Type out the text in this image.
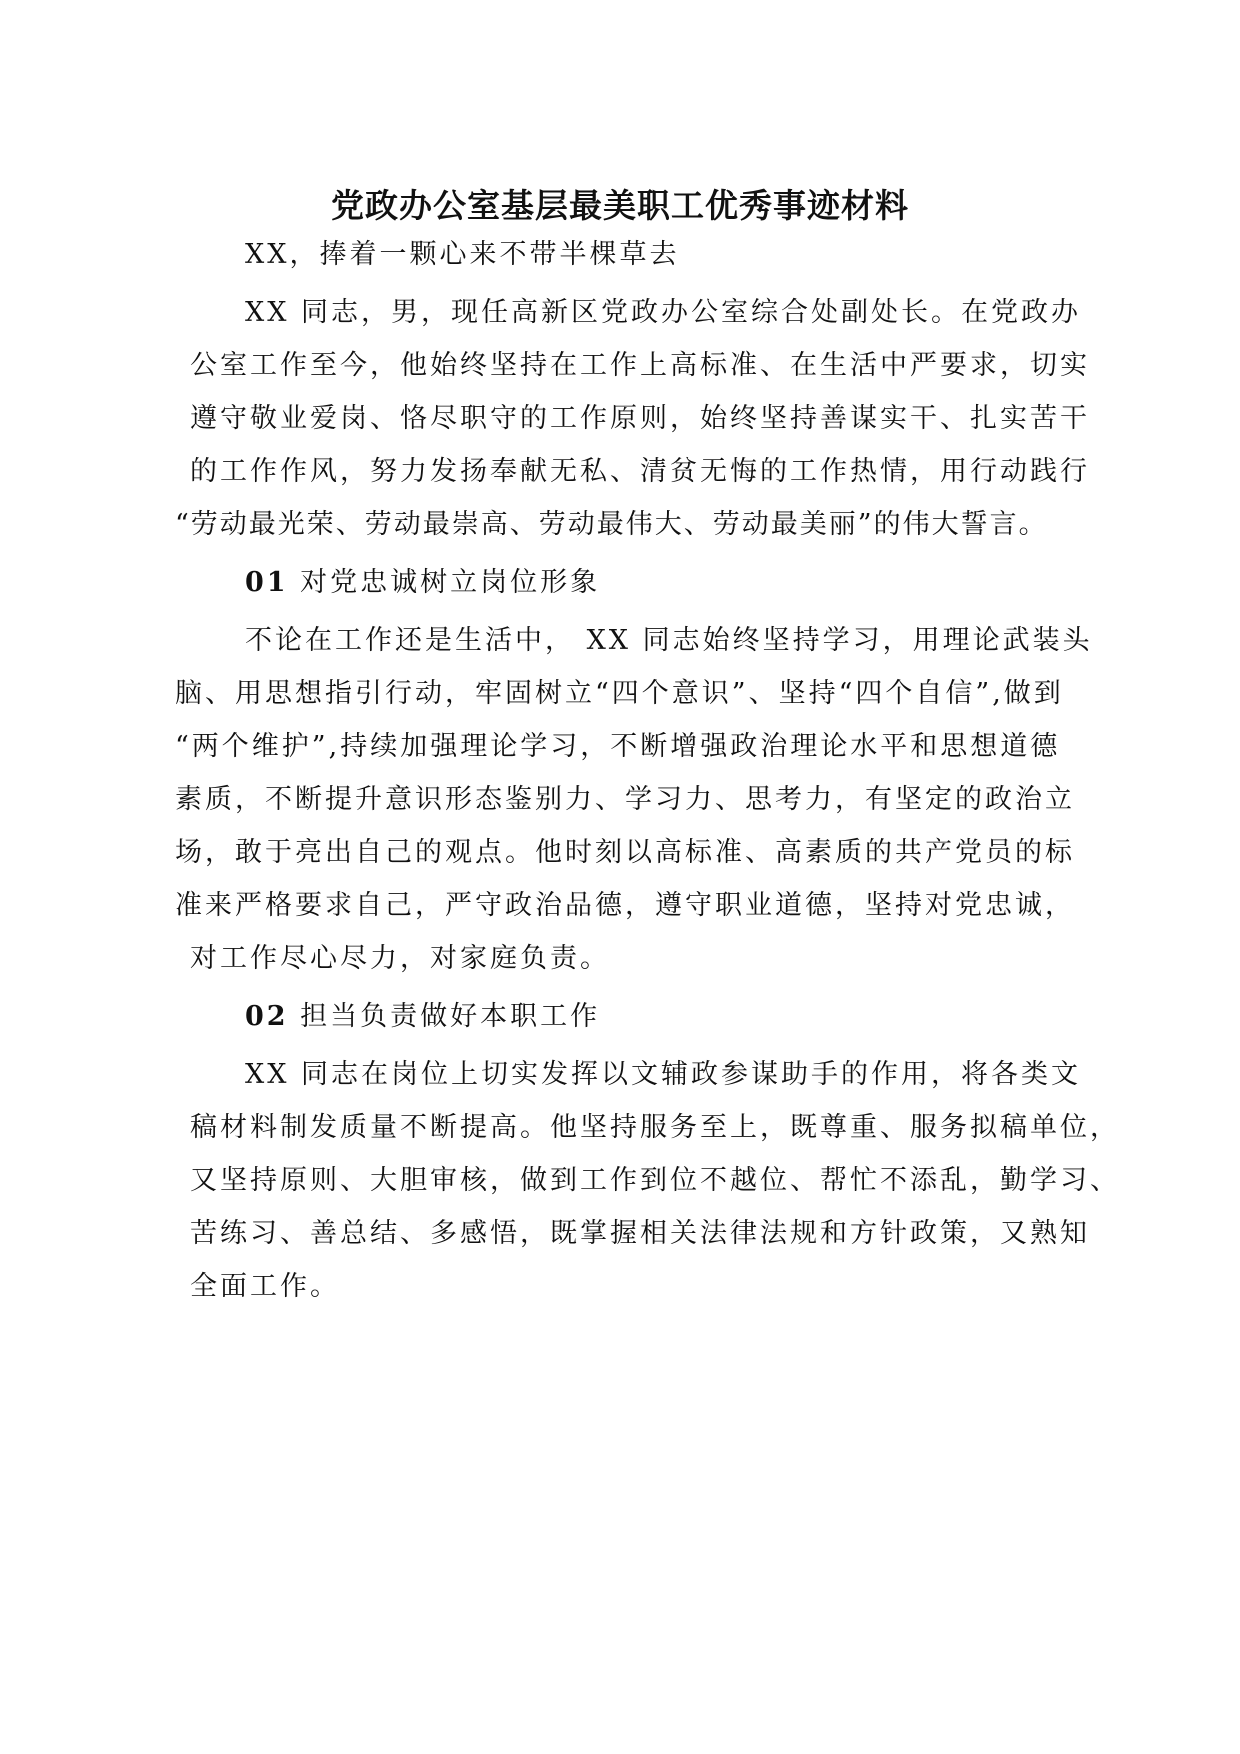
党政办公室基层最美职工优秀事迹材料

XX，捧着一颗心来不带半棵草去

XX 同志，男，现任高新区党政办公室综合处副处长。在党政办

公室工作至今，他始终坚持在工作上高标准、在生活中严要求，切实

遵守敬业爱岗、恪尽职守的工作原则，始终坚持善谋实干、扎实苦干

的工作作风，努力发扬奉献无私、清贫无悔的工作热情，用行动践行

“劳动最光荣、劳动最崇高、劳动最伟大、劳动最美丽”的伟大誓言。

01 对党忠诚树立岗位形象

不论在工作还是生活中， XX 同志始终坚持学习，用理论武装头

脑、用思想指引行动，牢固树立“四个意识”、坚持“四个自信”,做到

“两个维护”,持续加强理论学习，不断增强政治理论水平和思想道德

素质，不断提升意识形态鉴别力、学习力、思考力，有坚定的政治立

场，敢于亮出自己的观点。他时刻以高标准、高素质的共产党员的标

准来严格要求自己，严守政治品德，遵守职业道德，坚持对党忠诚，

对工作尽心尽力，对家庭负责。

02 担当负责做好本职工作

XX 同志在岗位上切实发挥以文辅政参谋助手的作用，将各类文

稿材料制发质量不断提高。他坚持服务至上，既尊重、服务拟稿单位，

又坚持原则、大胆审核，做到工作到位不越位、帮忙不添乱，勤学习、

苦练习、善总结、多感悟，既掌握相关法律法规和方针政策，又熟知

全面工作。
